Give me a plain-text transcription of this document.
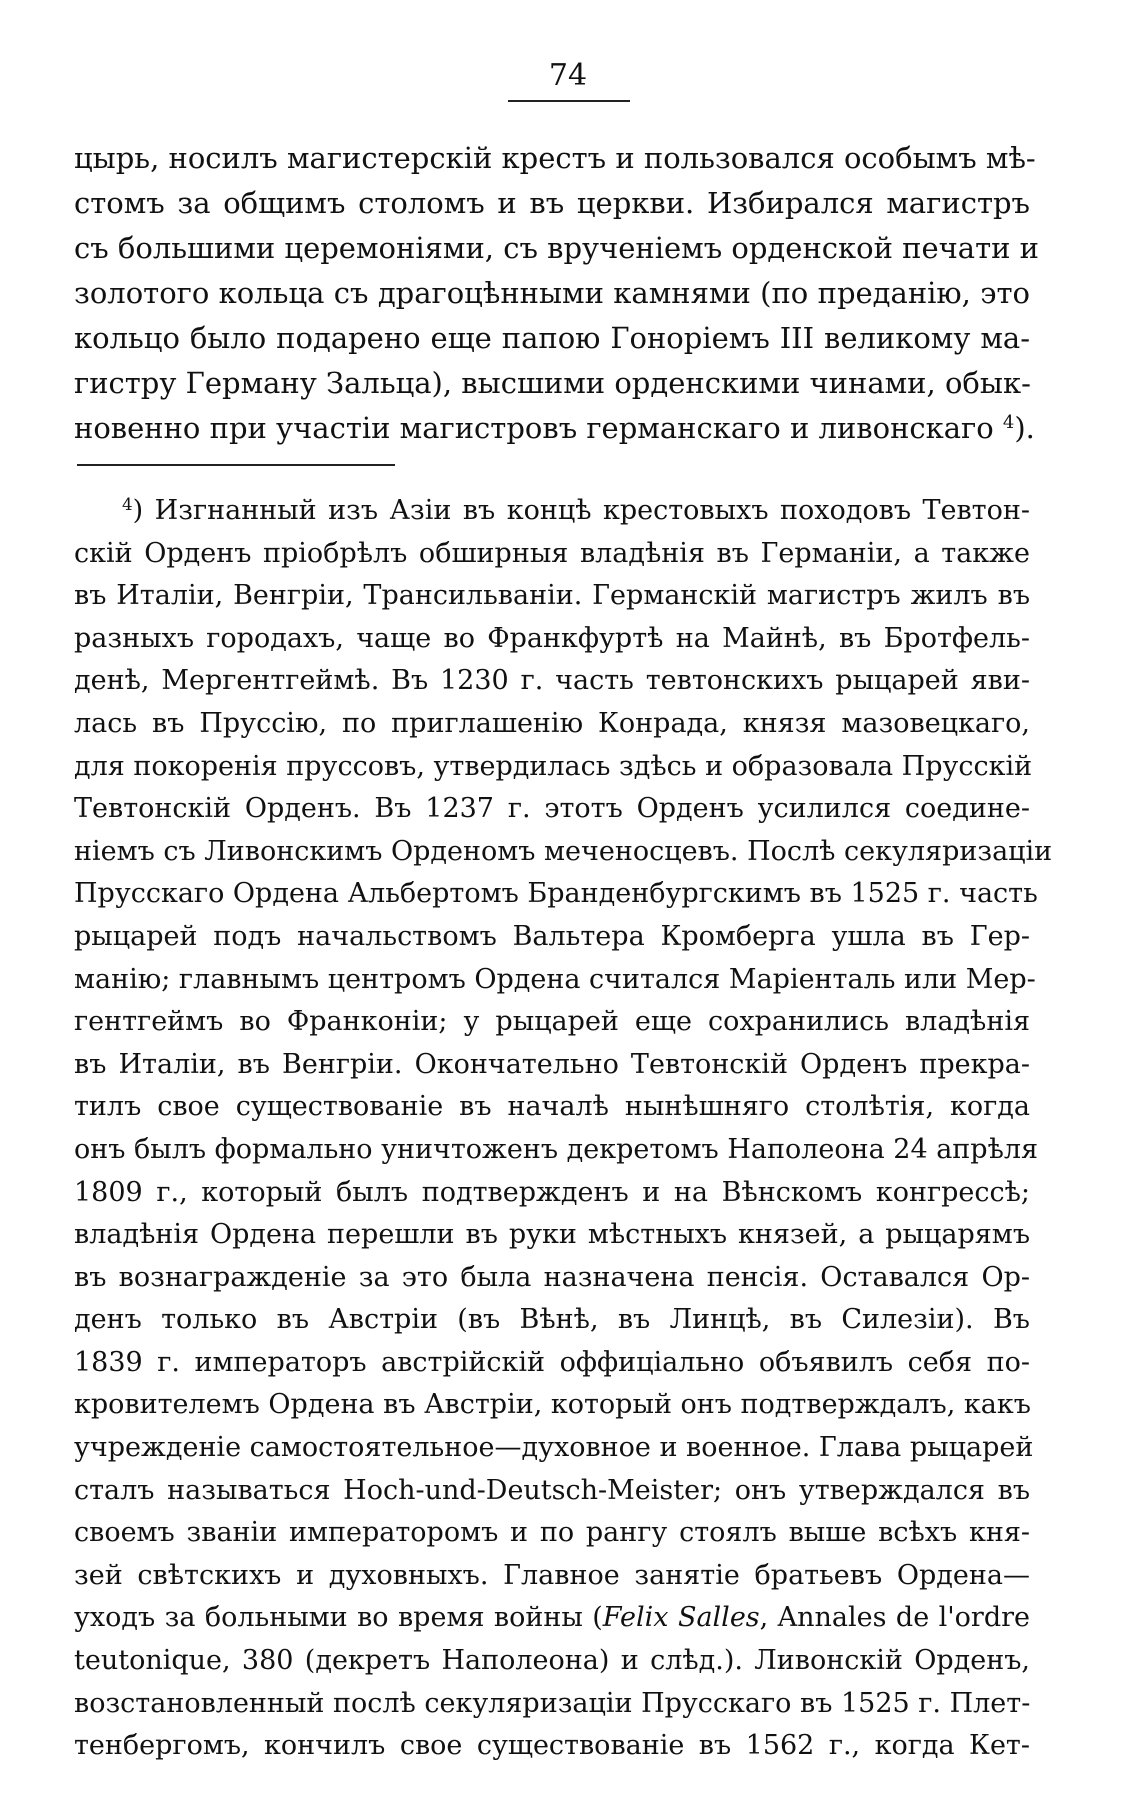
74
цырь, носилъ магистерскій крестъ и пользовался особымъ мѣ-
стомъ за общимъ столомъ и въ церкви. Избирался магистръ
съ большими церемоніями, съ врученіемъ орденской печати и
золотого кольца съ драгоцѣнными камнями (по преданію, это
кольцо было подарено еще папою Гоноріемъ III великому ма-
гистру Герману Зальца), высшими орденскими чинами, обык-
новенно при участіи магистровъ германскаго и ливонскаго $^4$).
$^4$) Изгнанный изъ Азіи въ концѣ крестовыхъ походовъ Тевтон-
скій Орденъ пріобрѣлъ обширныя владѣнія въ Германіи, а также
въ Италіи, Венгріи, Трансильваніи. Германскій магистръ жилъ въ
разныхъ городахъ, чаще во Франкфуртѣ на Майнѣ, въ Бротфель-
денѣ, Мергентгеймѣ. Въ 1230 г. часть тевтонскихъ рыцарей яви-
лась въ Пруссію, по приглашенію Конрада, князя мазовецкаго,
для покоренія пруссовъ, утвердилась здѣсь и образовала Прусскій
Тевтонскій Орденъ. Въ 1237 г. этотъ Орденъ усилился соедине-
ніемъ съ Ливонскимъ Орденомъ меченосцевъ. Послѣ секуляризаціи
Прусскаго Ордена Альбертомъ Бранденбургскимъ въ 1525 г. часть
рыцарей подъ начальствомъ Вальтера Кромберга ушла въ Гер-
манію; главнымъ центромъ Ордена считался Маріенталь или Мер-
гентгеймъ во Франконіи; у рыцарей еще сохранились владѣнія
въ Италіи, въ Венгріи. Окончательно Тевтонскій Орденъ прекра-
тилъ свое существованіе въ началѣ нынѣшняго столѣтія, когда
онъ былъ формально уничтоженъ декретомъ Наполеона 24 апрѣля
1809 г., который былъ подтвержденъ и на Вѣнскомъ конгрессѣ;
владѣнія Ордена перешли въ руки мѣстныхъ князей, а рыцарямъ
въ вознагражденіе за это была назначена пенсія. Оставался Ор-
денъ только въ Австріи (въ Вѣнѣ, въ Линцѣ, въ Силезіи). Въ
1839 г. императоръ австрійскій оффиціально объявилъ себя по-
кровителемъ Ордена въ Австріи, который онъ подтверждалъ, какъ
учрежденіе самостоятельное—духовное и военное. Глава рыцарей
сталъ называться Hoch-und-Deutsch-Meister; онъ утверждался въ
своемъ званіи императоромъ и по рангу стоялъ выше всѣхъ кня-
зей свѣтскихъ и духовныхъ. Главное занятіе братьевъ Ордена—
уходъ за больными во время войны (Felix Salles, Annales de l'ordre
teutonique, 380 (декретъ Наполеона) и слѣд.). Ливонскій Орденъ,
возстановленный послѣ секуляризаціи Прусскаго въ 1525 г. Плет-
тенбергомъ, кончилъ свое существованіе въ 1562 г., когда Кет-
